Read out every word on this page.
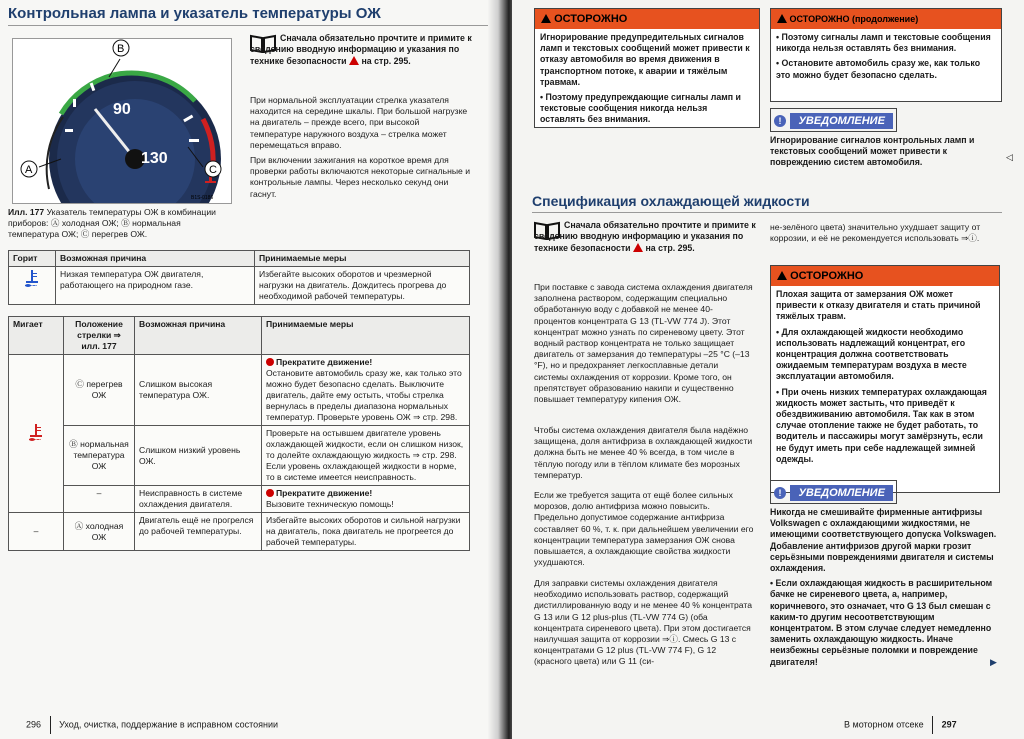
Контрольная лампа и указатель температуры ОЖ
90
130
B
A	C
B1S-0186

Сначала обязательно прочтите и примите к сведению вводную информацию и указания по технике безопасности на стр. 295.

При нормальной эксплуатации стрелка указателя находится на середине шкалы. При большой нагрузке на двигатель – прежде всего, при высокой температуре наружного воздуха – стрелка может перемещаться вправо.

При включении зажигания на короткое время для проверки работы включаются некоторые сигнальные и контрольные лампы. Через несколько секунд они гаснут.

Илл. 177 Указатель температуры ОЖ в комбинации приборов: Ⓐ холодная ОЖ; Ⓑ нормальная температура ОЖ; Ⓒ перегрев ОЖ.

Горит	Возможная причина	Принимаемые меры
	Низкая температура ОЖ двигателя, работающего на природном газе.	Избегайте высоких оборотов и чрезмерной нагрузки на двигатель. Дождитесь прогрева до необходимой рабочей температуры.
Мигает	Положение стрелки ⇒ илл. 177	Возможная причина	Принимаемые меры
	Ⓒ перегрев ОЖ	Слишком высокая температура ОЖ.	Прекратите движение!
Остановите автомобиль сразу же, как только это можно будет безопасно сделать. Выключите двигатель, дайте ему остыть, чтобы стрелка вернулась в пределы диапазона нормальных температур. Проверьте уровень ОЖ ⇒ стр. 298.
	Ⓑ нормальная температура ОЖ	Слишком низкий уровень ОЖ.	Проверьте на остывшем двигателе уровень охлаждающей жидкости, если он слишком низок, то долейте охлаждающую жидкость ⇒ стр. 298.
Если уровень охлаждающей жидкости в норме, то в системе имеется неисправность.
	–	Неисправность в системе охлаждения двигателя.	Прекратите движение!
Вызовите техническую помощь!
–	Ⓐ холодная ОЖ	Двигатель ещё не прогрелся до рабочей температуры.	Избегайте высоких оборотов и сильной нагрузки на двигатель, пока двигатель не прогреется до рабочей температуры.
296 Уход, очистка, поддержание в исправном состоянии
ОСТОРОЖНО

Игнорирование предупредительных сигналов ламп и текстовых сообщений может привести к отказу автомобиля во время движения в транспортном потоке, к аварии и тяжёлым травмам.

• Поэтому предупреждающие сигналы ламп и текстовые сообщения никогда нельзя оставлять без внимания.

ОСТОРОЖНО (продолжение)

• Поэтому сигналы ламп и текстовые сообщения никогда нельзя оставлять без внимания.

• Остановите автомобиль сразу же, как только это можно будет безопасно сделать.

! УВЕДОМЛЕНИЕ

Игнорирование сигналов контрольных ламп и текстовых сообщений может привести к повреждению систем автомобиля.

◁
Спецификация охлаждающей жидкости

Сначала обязательно прочтите и примите к сведению вводную информацию и указания по технике безопасности на стр. 295.

При поставке с завода система охлаждения двигателя заполнена раствором, содержащим специально обработанную воду с добавкой не менее 40-процентов концентрата G 13 (TL-VW 774 J). Этот концентрат можно узнать по сиреневому цвету. Этот водный раствор концентрата не только защищает двигатель от замерзания до температуры –25 °C (–13 °F), но и предохраняет легкосплавные детали системы охлаждения от коррозии. Кроме того, он препятствует образованию накипи и существенно повышает температуру кипения ОЖ.

Чтобы система охлаждения двигателя была надёжно защищена, доля антифриза в охлаждающей жидкости должна быть не менее 40 % всегда, в том числе в тёплую погоду или в тёплом климате без морозных температур.

Если же требуется защита от ещё более сильных морозов, долю антифриза можно повысить. Предельно допустимое содержание антифриза составляет 60 %, т. к. при дальнейшем увеличении его концентрации температура замерзания ОЖ снова повышается, а охлаждающие свойства жидкости ухудшаются.

Для заправки системы охлаждения двигателя необходимо использовать раствор, содержащий дистиллированную воду и не менее 40 % концентрата G 13 или G 12 plus-plus (TL-VW 774 G) (оба концентрата сиреневого цвета). При этом достигается наилучшая защита от коррозии ⇒ⓘ. Смесь G 13 с концентратами G 12 plus (TL-VW 774 F), G 12 (красного цвета) или G 11 (си-

не-зелёного цвета) значительно ухудшает защиту от коррозии, и её не рекомендуется использовать ⇒ⓘ.

ОСТОРОЖНО

Плохая защита от замерзания ОЖ может привести к отказу двигателя и стать причиной тяжёлых травм.

• Для охлаждающей жидкости необходимо использовать надлежащий концентрат, его концентрация должна соответствовать ожидаемым температурам воздуха в месте эксплуатации автомобиля.

• При очень низких температурах охлаждающая жидкость может застыть, что приведёт к обездвиживанию автомобиля. Так как в этом случае отопление также не будет работать, то водитель и пассажиры могут замёрзнуть, если не будут иметь при себе надлежащей зимней одежды.

! УВЕДОМЛЕНИЕ

Никогда не смешивайте фирменные антифризы Volkswagen с охлаждающими жидкостями, не имеющими соответствующего допуска Volkswagen. Добавление антифризов другой марки грозит серьёзными повреждениями двигателя и системы охлаждения.

• Если охлаждающая жидкость в расширительном бачке не сиреневого цвета, а, например, коричневого, это означает, что G 13 был смешан с каким-то другим несоответствующим концентратом. В этом случае следует немедленно заменить охлаждающую жидкость. Иначе неизбежны серьёзные поломки и повреждение двигателя!	▶
В моторном отсеке 297
